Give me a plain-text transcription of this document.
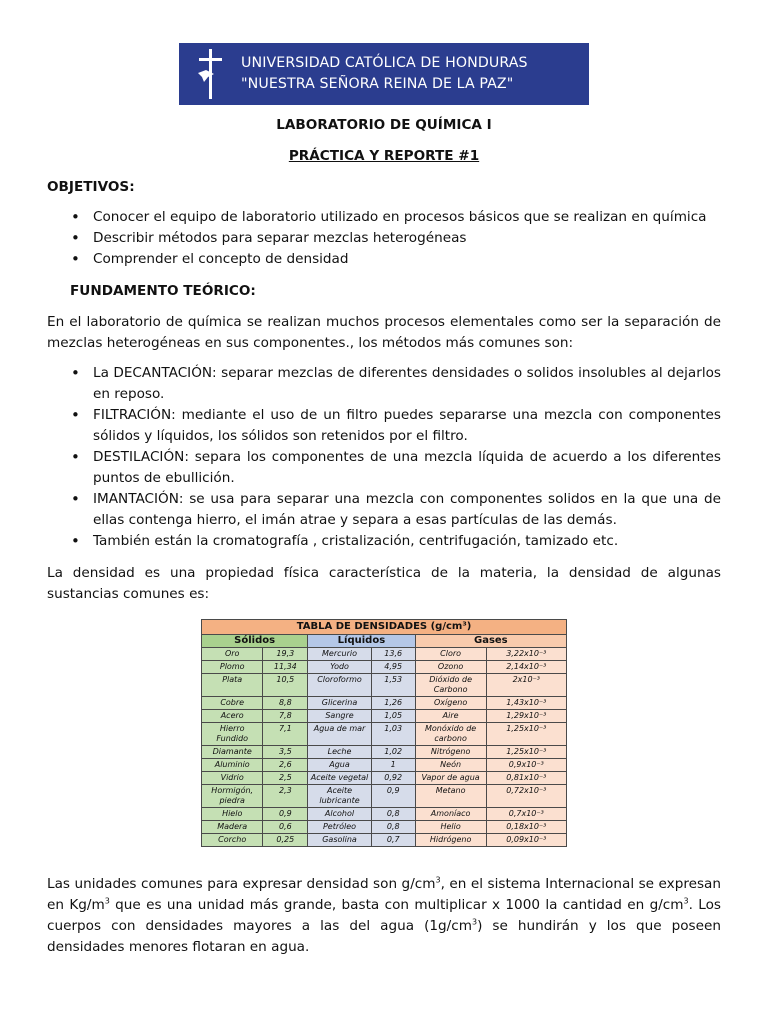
UNIVERSIDAD CATÓLICA DE HONDURAS
"NUESTRA SEÑORA REINA DE LA PAZ"
LABORATORIO DE QUÍMICA I
PRÁCTICA Y REPORTE #1
OBJETIVOS:
• Conocer el equipo de laboratorio utilizado en procesos básicos que se realizan en química
• Describir métodos para separar mezclas heterogéneas
• Comprender el concepto de densidad
FUNDAMENTO TEÓRICO:
En el laboratorio de química se realizan muchos procesos elementales como ser la separación de mezclas heterogéneas en sus componentes., los métodos más comunes son:
• La DECANTACIÓN: separar mezclas de diferentes densidades o solidos insolubles al dejarlos en reposo.
• FILTRACIÓN: mediante el uso de un filtro puedes separarse una mezcla con componentes sólidos y líquidos, los sólidos son retenidos por el filtro.
• DESTILACIÓN: separa los componentes de una mezcla líquida de acuerdo a los diferentes puntos de ebullición.
• IMANTACIÓN: se usa para separar una mezcla con componentes solidos en la que una de ellas contenga hierro, el imán atrae y separa a esas partículas de las demás.
• También están la cromatografía , cristalización, centrifugación, tamizado etc.
La densidad es una propiedad física característica de la materia, la densidad de algunas sustancias comunes es:
TABLA DE DENSIDADES (g/cm³)					
Sólidos		Líquidos		Gases	
Oro	19,3	Mercurio	13,6	Cloro	3,22x10⁻³
Plomo	11,34	Yodo	4,95	Ozono	2,14x10⁻³
Plata	10,5	Cloroformo	1,53	Dióxido de Carbono	2x10⁻³
Cobre	8,8	Glicerina	1,26	Oxígeno	1,43x10⁻³
Acero	7,8	Sangre	1,05	Aire	1,29x10⁻³
Hierro Fundido	7,1	Agua de mar	1,03	Monóxido de carbono	1,25x10⁻³
Diamante	3,5	Leche	1,02	Nitrógeno	1,25x10⁻³
Aluminio	2,6	Agua	1	Neón	0,9x10⁻³
Vidrio	2,5	Aceite vegetal	0,92	Vapor de agua	0,81x10⁻³
Hormigón, piedra	2,3	Aceite lubricante	0,9	Metano	0,72x10⁻³
Hielo	0,9	Alcohol	0,8	Amoníaco	0,7x10⁻³
Madera	0,6	Petróleo	0,8	Helio	0,18x10⁻³
Corcho	0,25	Gasolina	0,7	Hidrógeno	0,09x10⁻³
Las unidades comunes para expresar densidad son $g/cm^3$, en el sistema Internacional se expresan en $Kg/m^3$ que es una unidad más grande, basta con multiplicar x 1000 la cantidad en $g/cm^3$. Los cuerpos con densidades mayores a las del agua $(1g/cm^3)$ se hundirán y los que poseen densidades menores flotaran en agua.
